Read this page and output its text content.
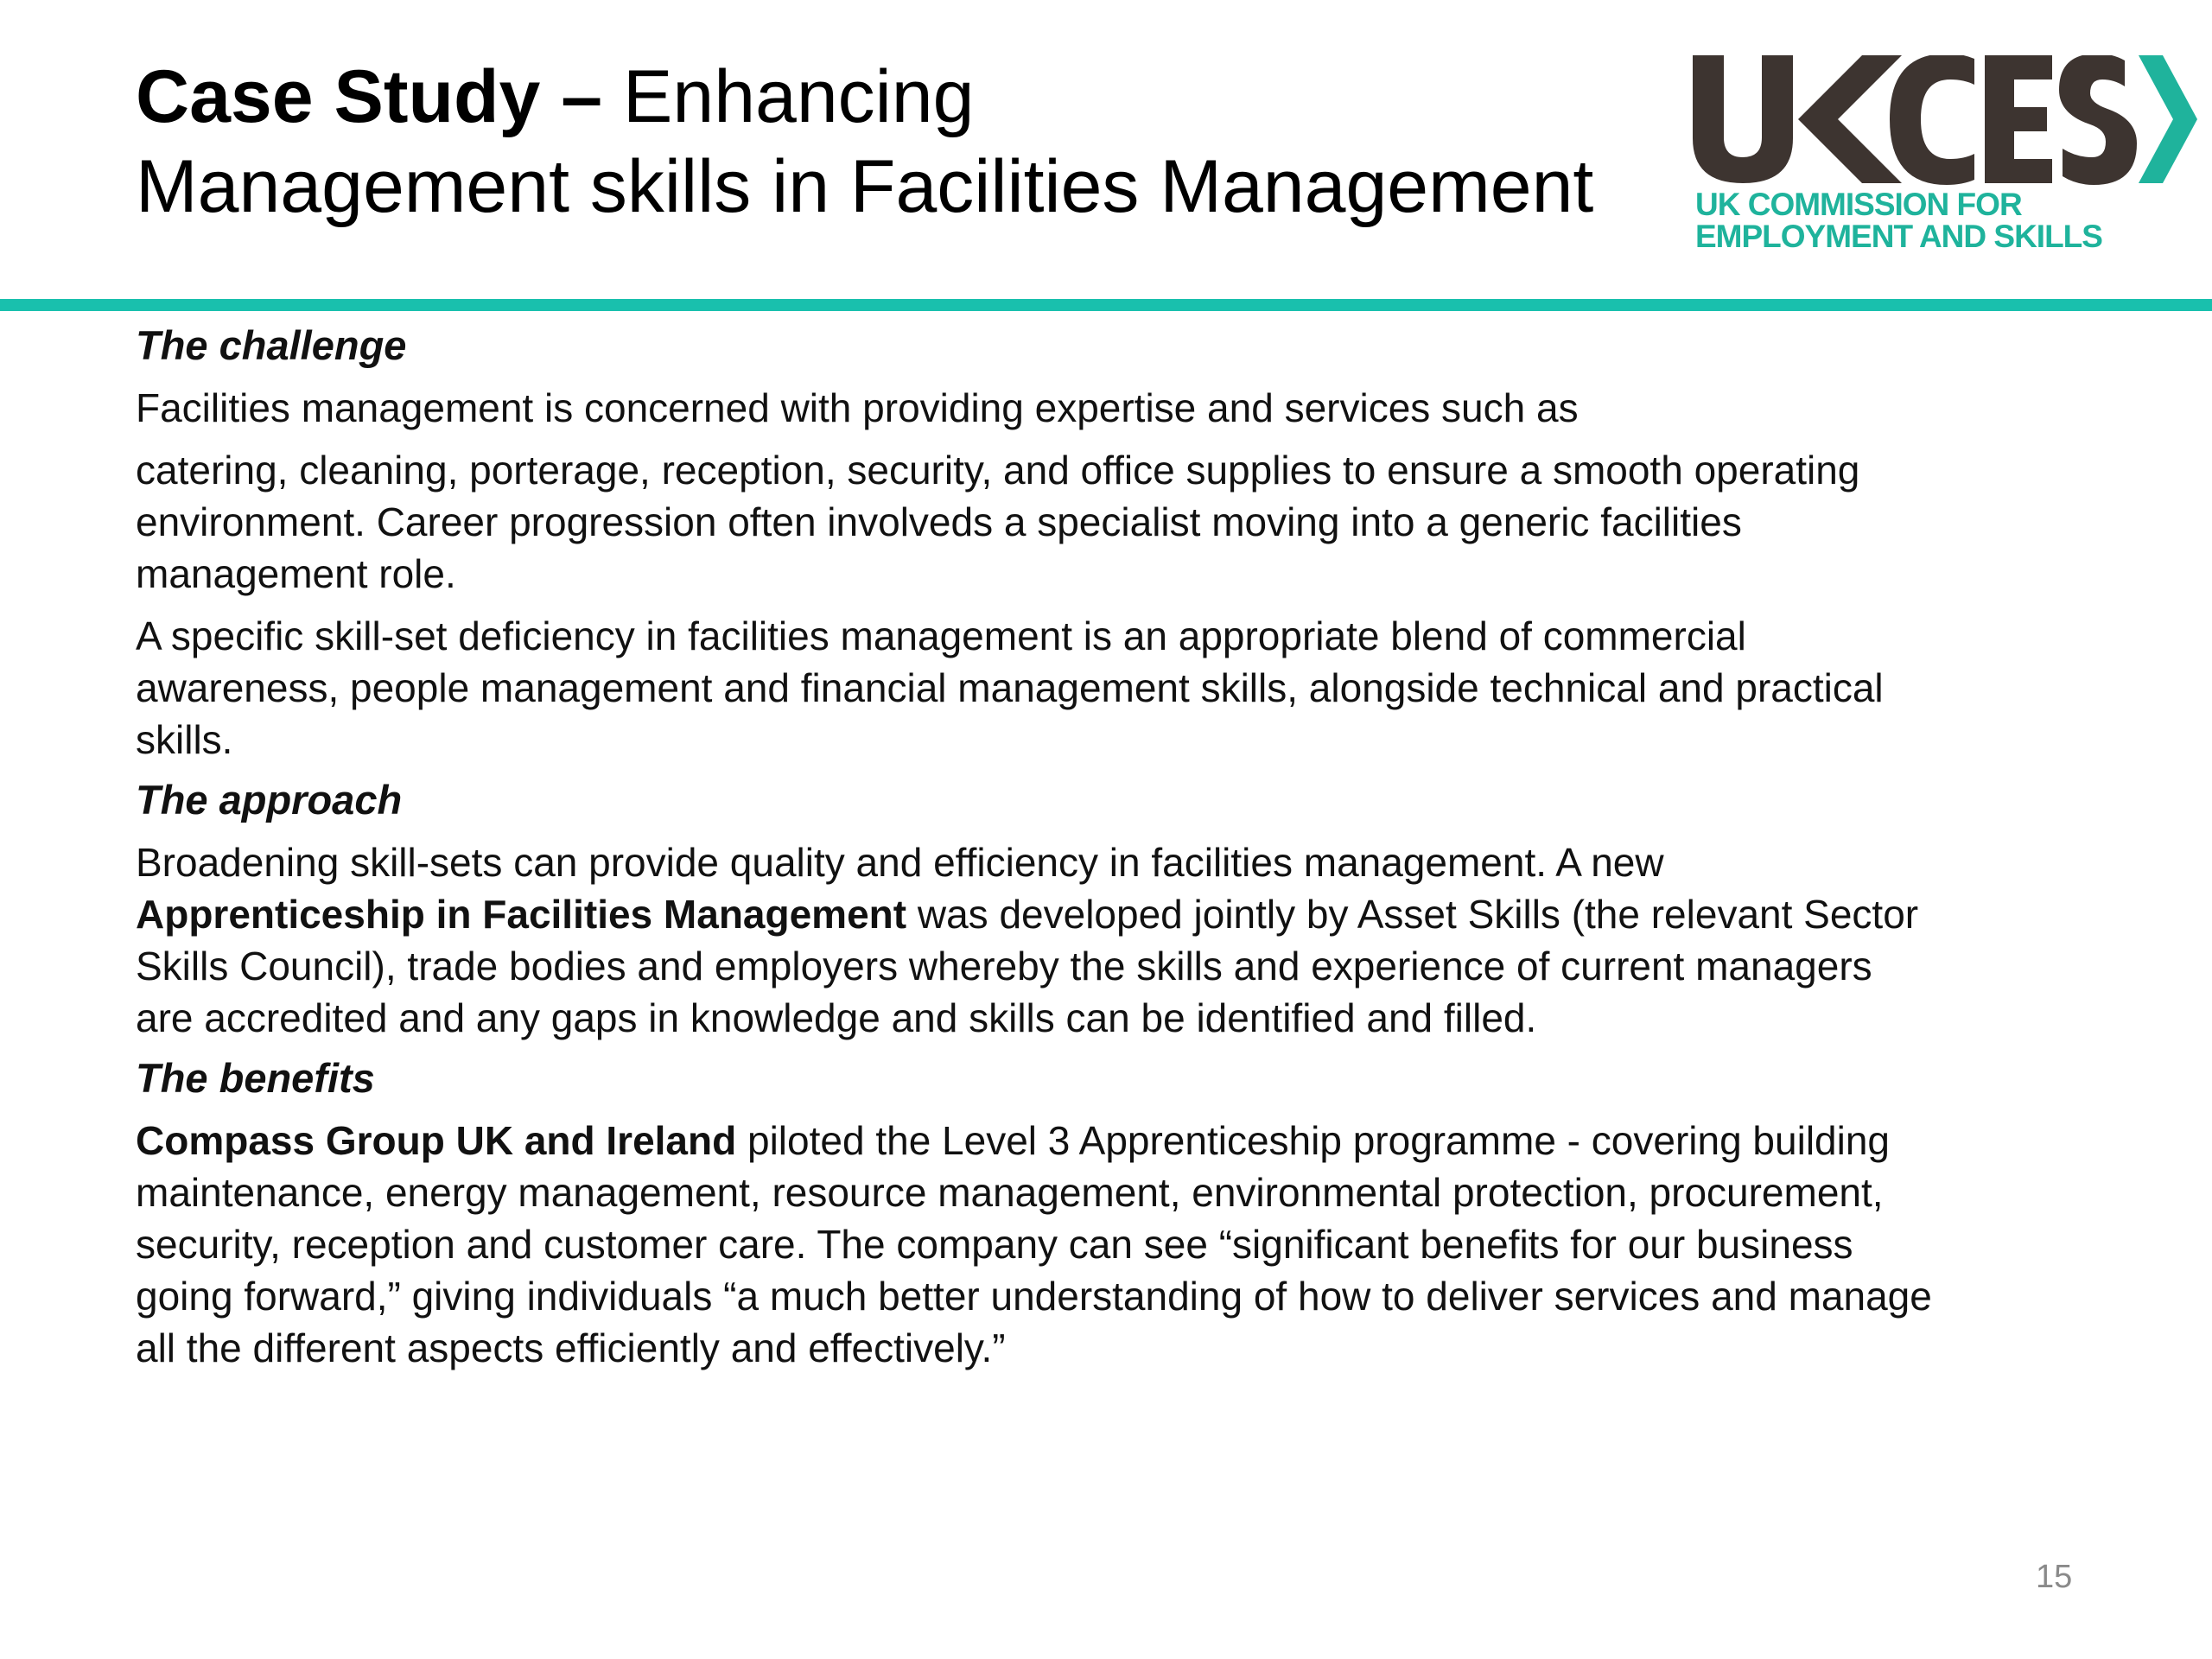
Case Study – Enhancing
Management skills in Facilities Management	UK COMMISSION FOR
EMPLOYMENT AND SKILLS
The challenge

Facilities management is concerned with providing expertise and services such as

catering, cleaning, porterage, reception, security, and office supplies to ensure a smooth operating
environment. Career progression often involveds a specialist moving into a generic facilities
management role.
A specific skill-set deficiency in facilities management is an appropriate blend of commercial
awareness, people management and financial management skills, alongside technical and practical
skills.
The approach
Broadening skill-sets can provide quality and efficiency in facilities management. A new
Apprenticeship in Facilities Management was developed jointly by Asset Skills (the relevant Sector
Skills Council), trade bodies and employers whereby the skills and experience of current managers
are accredited and any gaps in knowledge and skills can be identified and filled.
The benefits
Compass Group UK and Ireland piloted the Level 3 Apprenticeship programme - covering building
maintenance, energy management, resource management, environmental protection, procurement,
security, reception and customer care. The company can see “significant benefits for our business
going forward,” giving individuals “a much better understanding of how to deliver services and manage
all the different aspects efficiently and effectively.”
15
